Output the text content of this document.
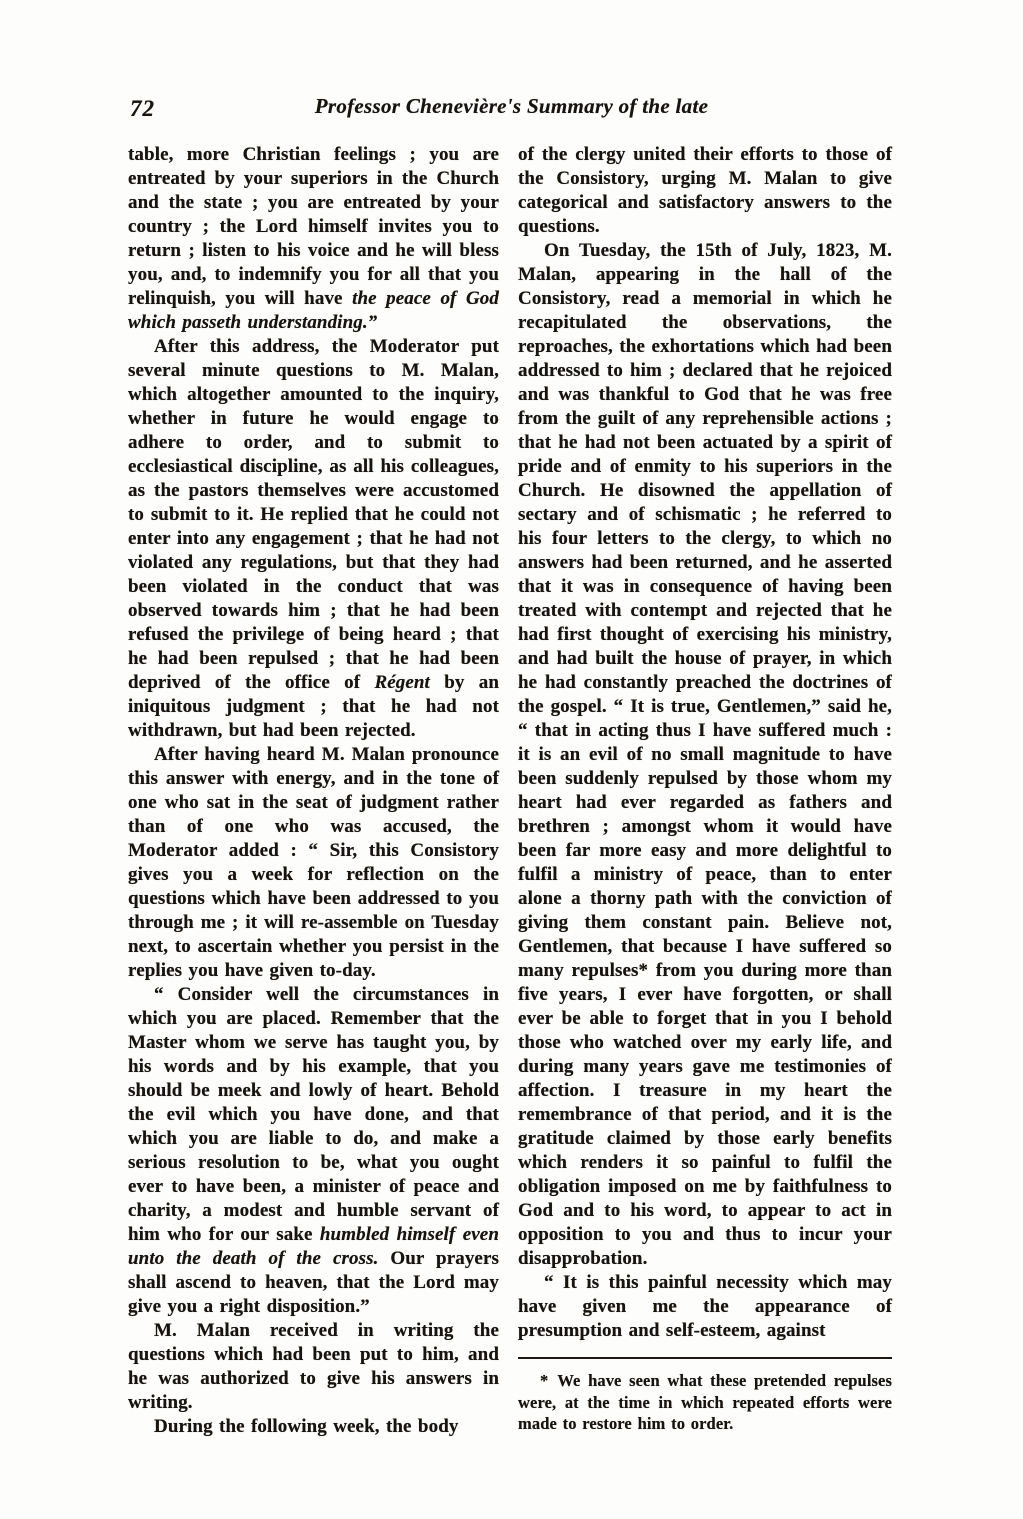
72	Professor Chenevière's Summary of the late

table, more Christian feelings ; you are entreated by your superiors in the Church and the state ; you are entreated by your country ; the Lord himself invites you to return ; listen to his voice and he will bless you, and, to indemnify you for all that you relinquish, you will have the peace of God which passeth understanding.”

After this address, the Moderator put several minute questions to M. Malan, which altogether amounted to the inquiry, whether in future he would engage to adhere to order, and to submit to ecclesiastical discipline, as all his colleagues, as the pastors themselves were accustomed to submit to it. He replied that he could not enter into any engagement ; that he had not violated any regulations, but that they had been violated in the conduct that was observed towards him ; that he had been refused the privilege of being heard ; that he had been repulsed ; that he had been deprived of the office of Régent by an iniquitous judgment ; that he had not withdrawn, but had been rejected.

After having heard M. Malan pronounce this answer with energy, and in the tone of one who sat in the seat of judgment rather than of one who was accused, the Moderator added : “ Sir, this Consistory gives you a week for reflection on the questions which have been addressed to you through me ; it will re-assemble on Tuesday next, to ascertain whether you persist in the replies you have given to-day.

“ Consider well the circumstances in which you are placed. Remember that the Master whom we serve has taught you, by his words and by his example, that you should be meek and lowly of heart. Behold the evil which you have done, and that which you are liable to do, and make a serious resolution to be, what you ought ever to have been, a minister of peace and charity, a modest and humble servant of him who for our sake humbled himself even unto the death of the cross. Our prayers shall ascend to heaven, that the Lord may give you a right disposition.”

M. Malan received in writing the questions which had been put to him, and he was authorized to give his answers in writing.

During the following week, the body

of the clergy united their efforts to those of the Consistory, urging M. Malan to give categorical and satisfactory answers to the questions.

On Tuesday, the 15th of July, 1823, M. Malan, appearing in the hall of the Consistory, read a memorial in which he recapitulated the observations, the reproaches, the exhortations which had been addressed to him ; declared that he rejoiced and was thankful to God that he was free from the guilt of any reprehensible actions ; that he had not been actuated by a spirit of pride and of enmity to his superiors in the Church. He disowned the appellation of sectary and of schismatic ; he referred to his four letters to the clergy, to which no answers had been returned, and he asserted that it was in consequence of having been treated with contempt and rejected that he had first thought of exercising his ministry, and had built the house of prayer, in which he had constantly preached the doctrines of the gospel. “ It is true, Gentlemen,” said he, “ that in acting thus I have suffered much : it is an evil of no small magnitude to have been suddenly repulsed by those whom my heart had ever regarded as fathers and brethren ; amongst whom it would have been far more easy and more delightful to fulfil a ministry of peace, than to enter alone a thorny path with the conviction of giving them constant pain. Believe not, Gentlemen, that because I have suffered so many repulses* from you during more than five years, I ever have forgotten, or shall ever be able to forget that in you I behold those who watched over my early life, and during many years gave me testimonies of affection. I treasure in my heart the remembrance of that period, and it is the gratitude claimed by those early benefits which renders it so painful to fulfil the obligation imposed on me by faithfulness to God and to his word, to appear to act in opposition to you and thus to incur your disapprobation.

“ It is this painful necessity which may have given me the appearance of presumption and self-esteem, against

* We have seen what these pretended repulses were, at the time in which repeated efforts were made to restore him to order.
